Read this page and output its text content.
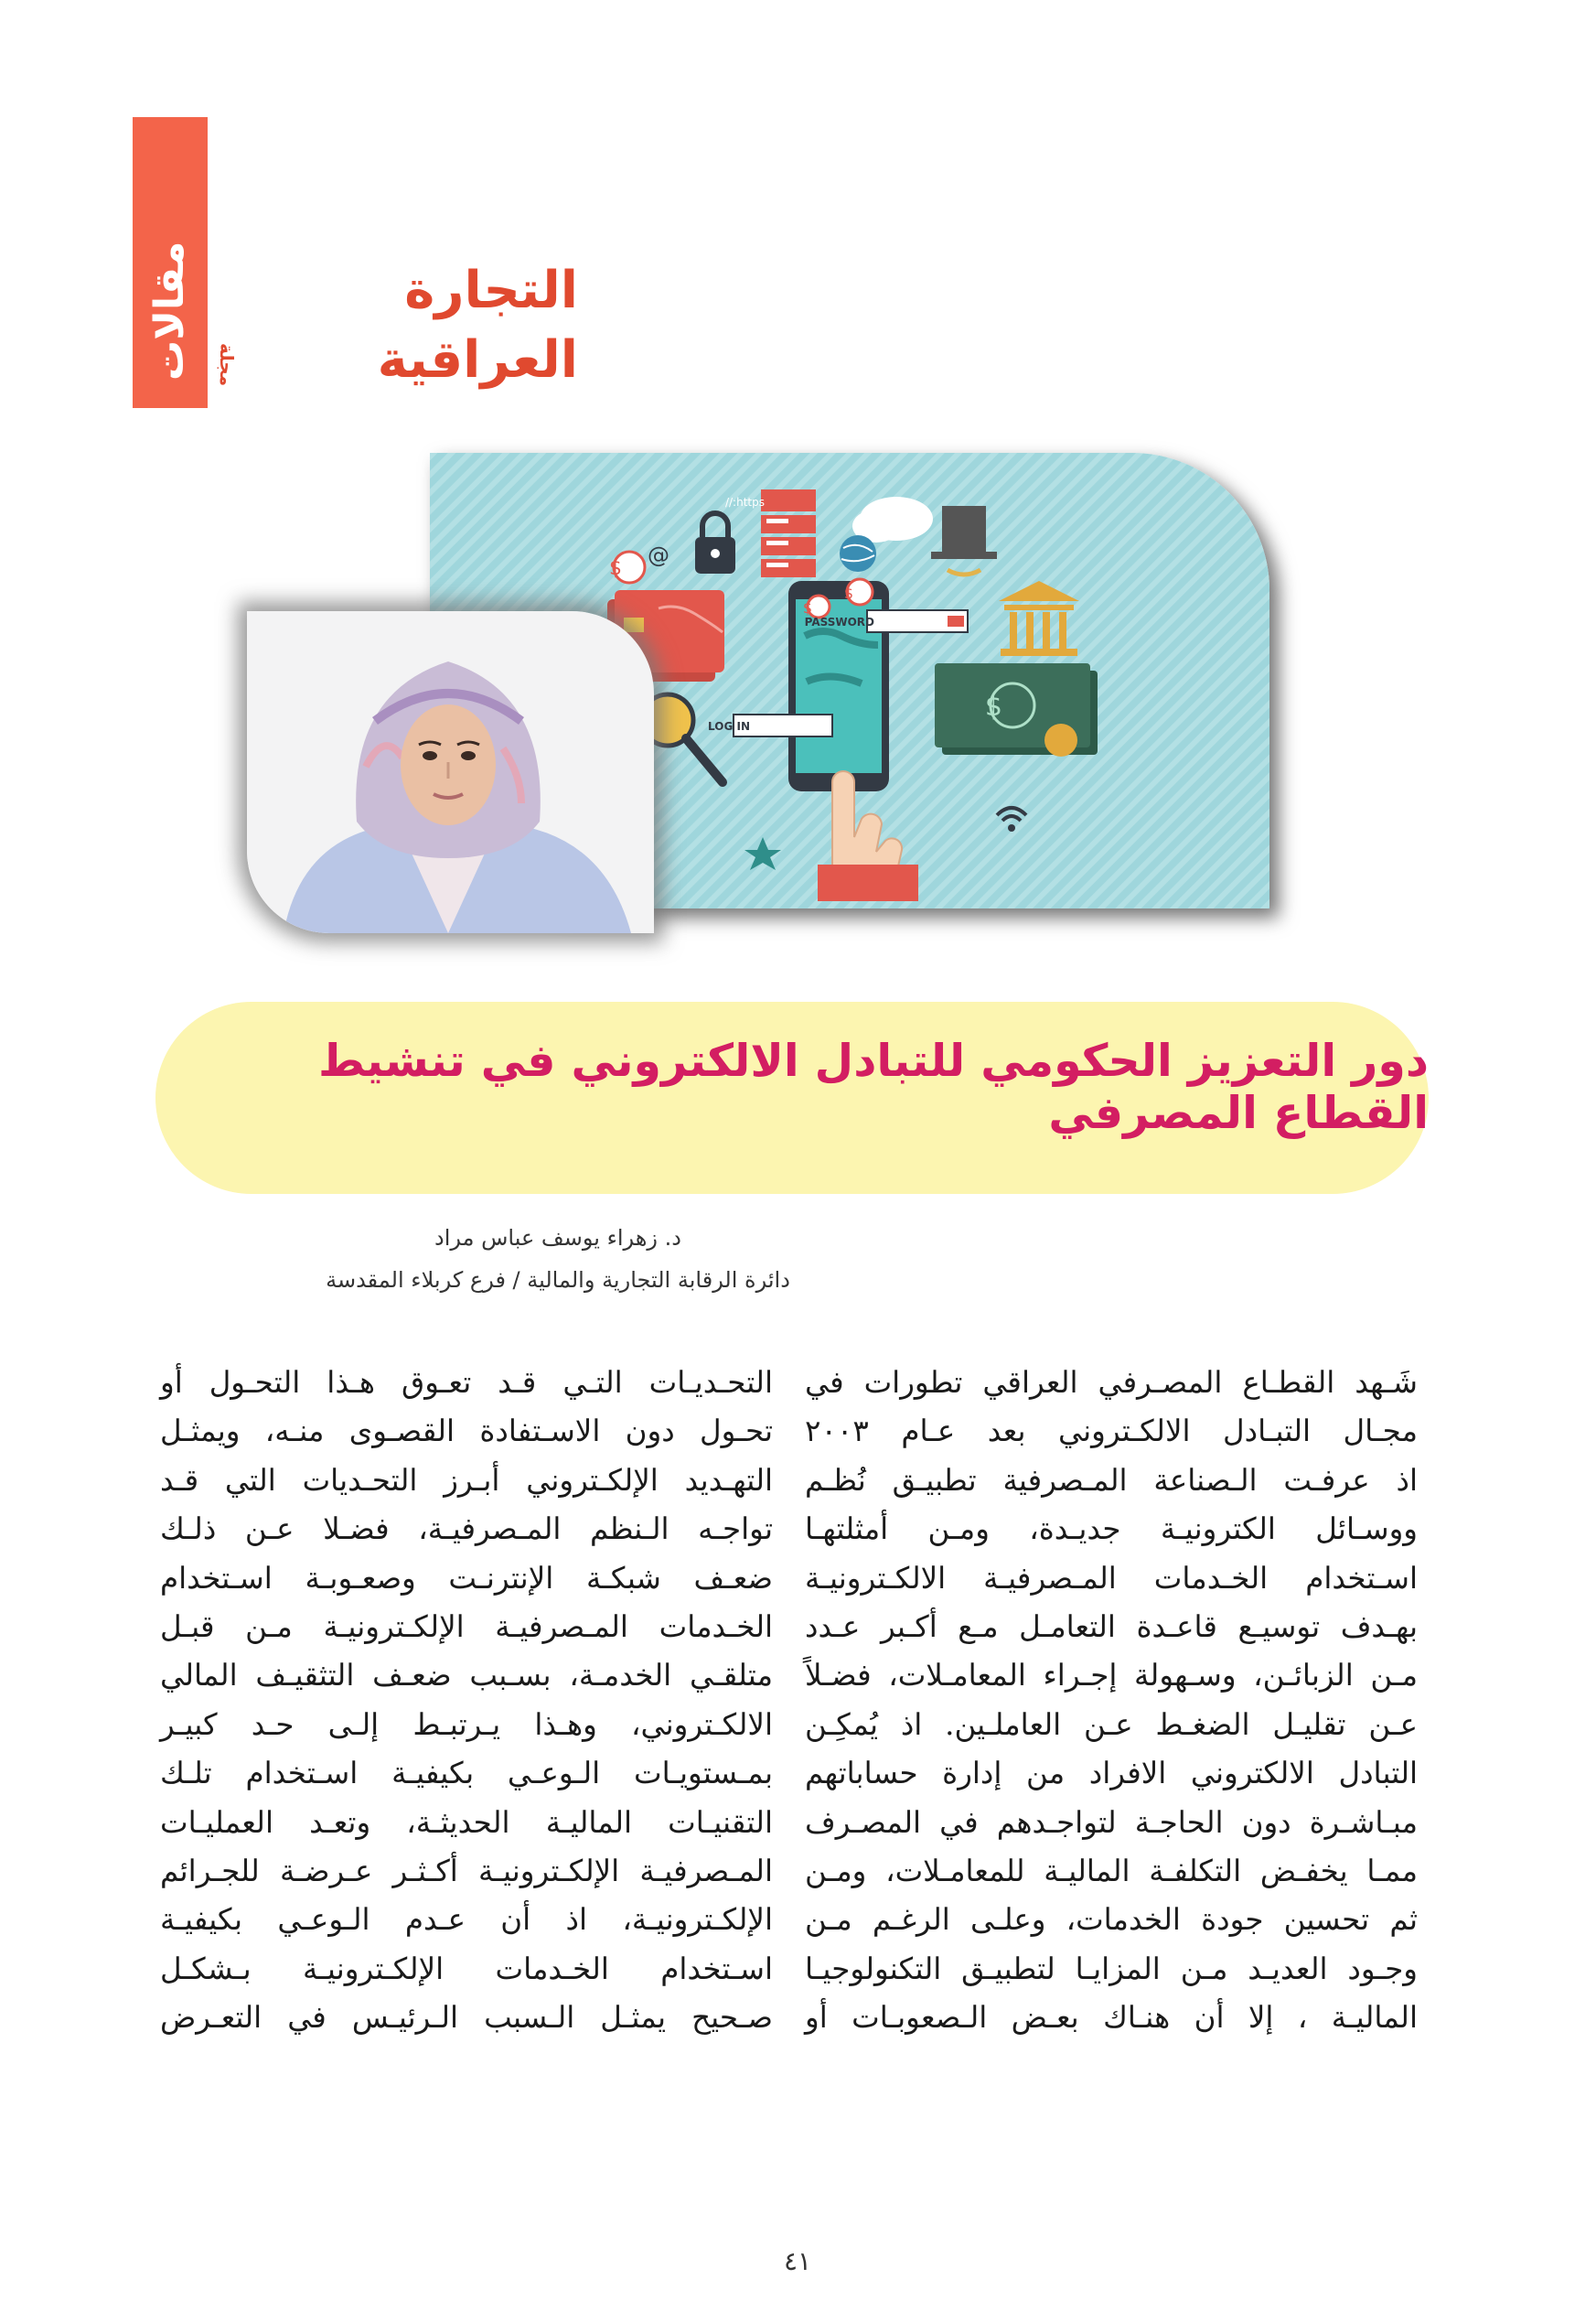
مقالات	التجارة العراقية
مجلة
@
$
https://
$
$
PASSWORD
LOG IN
$
دور التعزيز الحكومي للتبادل الالكتروني في تنشيط القطاع المصرفي
د. زهراء يوسف عباس مراد
دائرة الرقابة التجارية والمالية / فرع كربلاء المقدسة
شَـهد القطـاع المصـرفي العراقي تطورات في
مجـال التبـادل الالكـتروني بعد عـام ٢٠٠٣
اذ عرفـت الـصناعة المـصرفية تطبيـق نُظـم
ووسـائل الكترونيـة جديـدة، ومـن أمثلتهـا
اسـتخدام الخـدمات المـصرفيـة الالكـترونيـة
بهـدف توسيـع قاعـدة التعامـل مـع أكـبر عـدد
مـن الزبائـن، وسـهولة إجـراء المعامـلات، فضـلاً
عـن تقليـل الضغـط عـن العاملـين. اذ يُمكِـن
التبادل الالكتروني الافراد من إدارة حساباتهم
مبـاشـرة دون الحاجـة لتواجـدهم في المصـرف
ممـا يخفـض التكلفـة الماليـة للمعامـلات، ومـن
ثم تحسين جودة الخدمات، وعلـى الرغـم مـن
وجـود العديـد مـن المزايـا لتطبيـق التكنولوجيـا
الماليـة ، إلا أن هنـاك بعـض الـصعوبـات أو
التحـديـات التـي قـد تعـوق هـذا التحـول أو
تحـول دون الاسـتفادة القصـوى منـه، ويمثـل
التهـديد الإلكـتروني أبـرز التحـديات التي قـد
تواجـه الـنظم المـصرفيـة، فضـلا عـن ذلـك
ضعـف شبكـة الإنترنـت وصعـوبـة اسـتخدام
الخـدمات المـصرفيـة الإلكـترونيـة مـن قبـل
متلقـي الخدمـة، بسـبب ضعـف التثقيـف المالي
الالكـتروني، وهـذا يـرتبـط إلـى حـد كبيـر
بمـستويـات الـوعـي بكيفيـة اسـتخدام تلـك
التقنيـات الماليـة الحديثـة، وتعـد العمليـات
المـصرفيـة الإلكـترونيـة أكـثـر عـرضـة للجـرائم
الإلكـترونيـة، اذ أن عـدم الـوعـي بكيفيـة
اسـتخدام الخـدمات الإلكـترونيـة بـشكـل
صـحيح يمثـل الـسبب الـرئيـس في التعـرض
٤١
